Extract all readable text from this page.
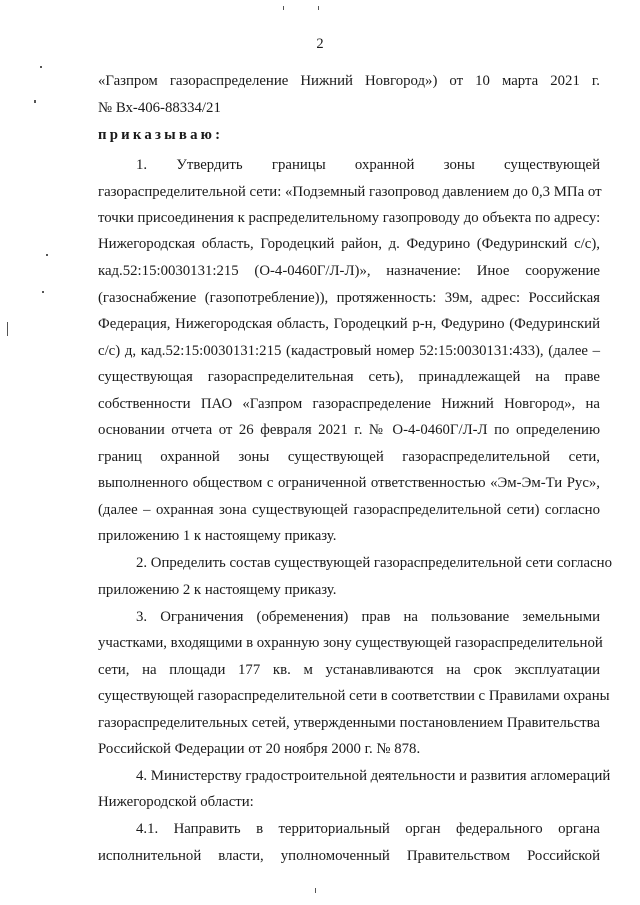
2
«Газпром газораспределение Нижний Новгород») от 10 марта 2021 г.
№ Вх-406-88334/21
приказываю:
1. Утвердить границы охранной зоны существующей
газораспределительной сети: «Подземный газопровод давлением до 0,3 МПа от
точки присоединения к распределительному газопроводу до объекта по адресу:
Нижегородская область, Городецкий район, д. Федурино (Федуринский с/с),
кад.52:15:0030131:215 (О-4-0460Г/Л-Л)», назначение: Иное сооружение
(газоснабжение (газопотребление)), протяженность: 39м, адрес: Российская
Федерация, Нижегородская область, Городецкий р-н, Федурино (Федуринский
с/с) д, кад.52:15:0030131:215 (кадастровый номер 52:15:0030131:433), (далее –
существующая газораспределительная сеть), принадлежащей на праве
собственности ПАО «Газпром газораспределение Нижний Новгород», на
основании отчета от 26 февраля 2021 г. № О-4-0460Г/Л-Л по определению
границ охранной зоны существующей газораспределительной сети,
выполненного обществом с ограниченной ответственностью «Эм-Эм-Ти Рус»,
(далее – охранная зона существующей газораспределительной сети) согласно
приложению 1 к настоящему приказу.
2. Определить состав существующей газораспределительной сети согласно
приложению 2 к настоящему приказу.
3. Ограничения (обременения) прав на пользование земельными
участками, входящими в охранную зону существующей газораспределительной
сети, на площади 177 кв. м устанавливаются на срок эксплуатации
существующей газораспределительной сети в соответствии с Правилами охраны
газораспределительных сетей, утвержденными постановлением Правительства
Российской Федерации от 20 ноября 2000 г. № 878.
4. Министерству градостроительной деятельности и развития агломераций
Нижегородской области:
4.1. Направить в территориальный орган федерального органа
исполнительной власти, уполномоченный Правительством Российской
